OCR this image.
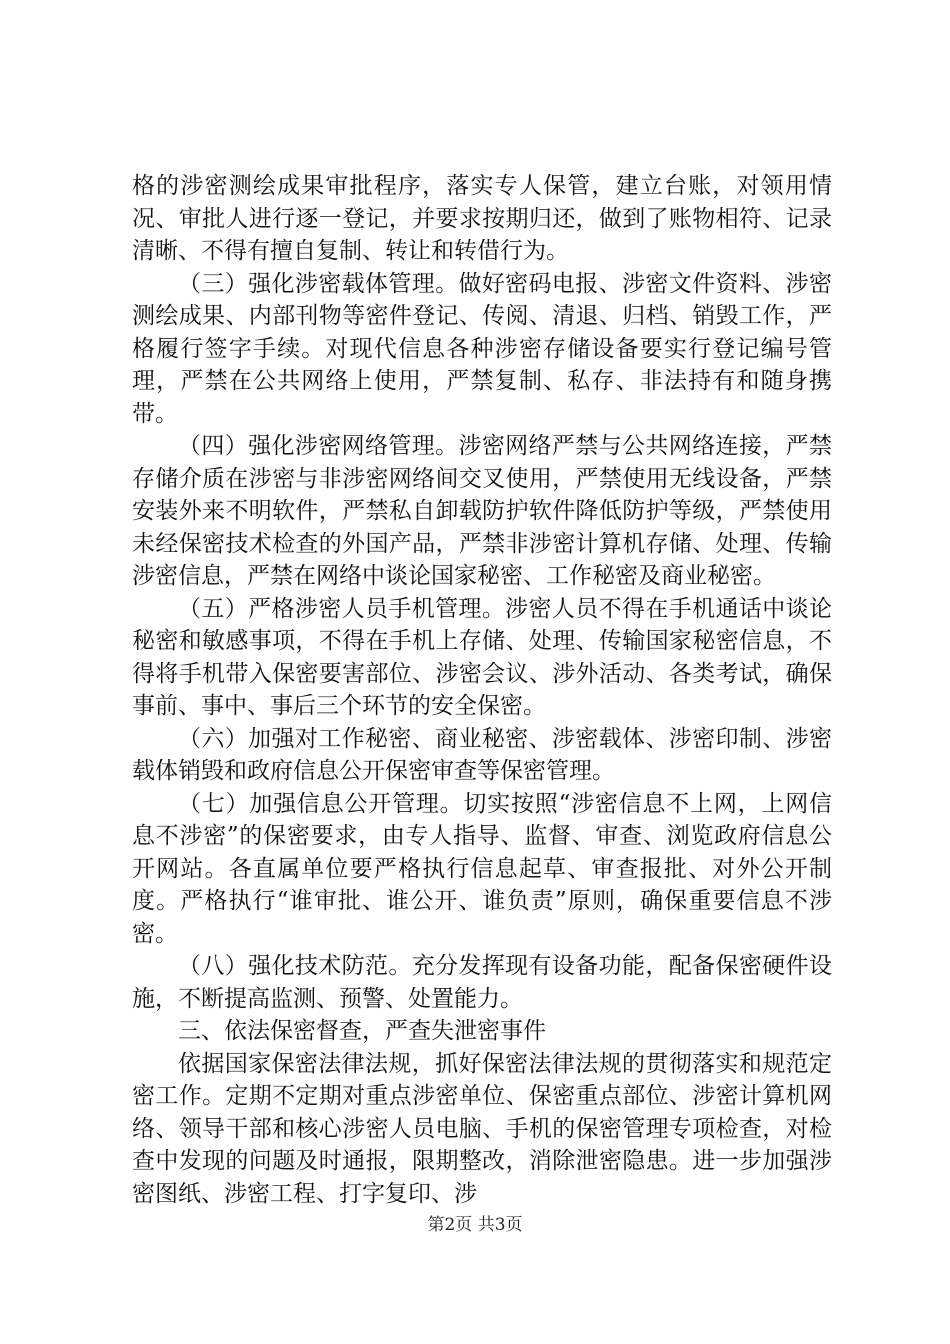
格的涉密测绘成果审批程序，落实专人保管，建立台账，对领用情况、审批人进行逐一登记，并要求按期归还，做到了账物相符、记录清晰、不得有擅自复制、转让和转借行为。

（三）强化涉密载体管理。做好密码电报、涉密文件资料、涉密测绘成果、内部刊物等密件登记、传阅、清退、归档、销毁工作，严格履行签字手续。对现代信息各种涉密存储设备要实行登记编号管理，严禁在公共网络上使用，严禁复制、私存、非法持有和随身携带。

（四）强化涉密网络管理。涉密网络严禁与公共网络连接，严禁存储介质在涉密与非涉密网络间交叉使用，严禁使用无线设备，严禁安装外来不明软件，严禁私自卸载防护软件降低防护等级，严禁使用未经保密技术检查的外国产品，严禁非涉密计算机存储、处理、传输涉密信息，严禁在网络中谈论国家秘密、工作秘密及商业秘密。

（五）严格涉密人员手机管理。涉密人员不得在手机通话中谈论秘密和敏感事项，不得在手机上存储、处理、传输国家秘密信息，不得将手机带入保密要害部位、涉密会议、涉外活动、各类考试，确保事前、事中、事后三个环节的安全保密。

（六）加强对工作秘密、商业秘密、涉密载体、涉密印制、涉密载体销毁和政府信息公开保密审查等保密管理。

（七）加强信息公开管理。切实按照“涉密信息不上网，上网信息不涉密”的保密要求，由专人指导、监督、审查、浏览政府信息公开网站。各直属单位要严格执行信息起草、审查报批、对外公开制度。严格执行“谁审批、谁公开、谁负责”原则，确保重要信息不涉密。

（八）强化技术防范。充分发挥现有设备功能，配备保密硬件设施，不断提高监测、预警、处置能力。

三、依法保密督查，严查失泄密事件

依据国家保密法律法规，抓好保密法律法规的贯彻落实和规范定密工作。定期不定期对重点涉密单位、保密重点部位、涉密计算机网络、领导干部和核心涉密人员电脑、手机的保密管理专项检查，对检查中发现的问题及时通报，限期整改，消除泄密隐患。进一步加强涉密图纸、涉密工程、打字复印、涉

第2页 共3页
